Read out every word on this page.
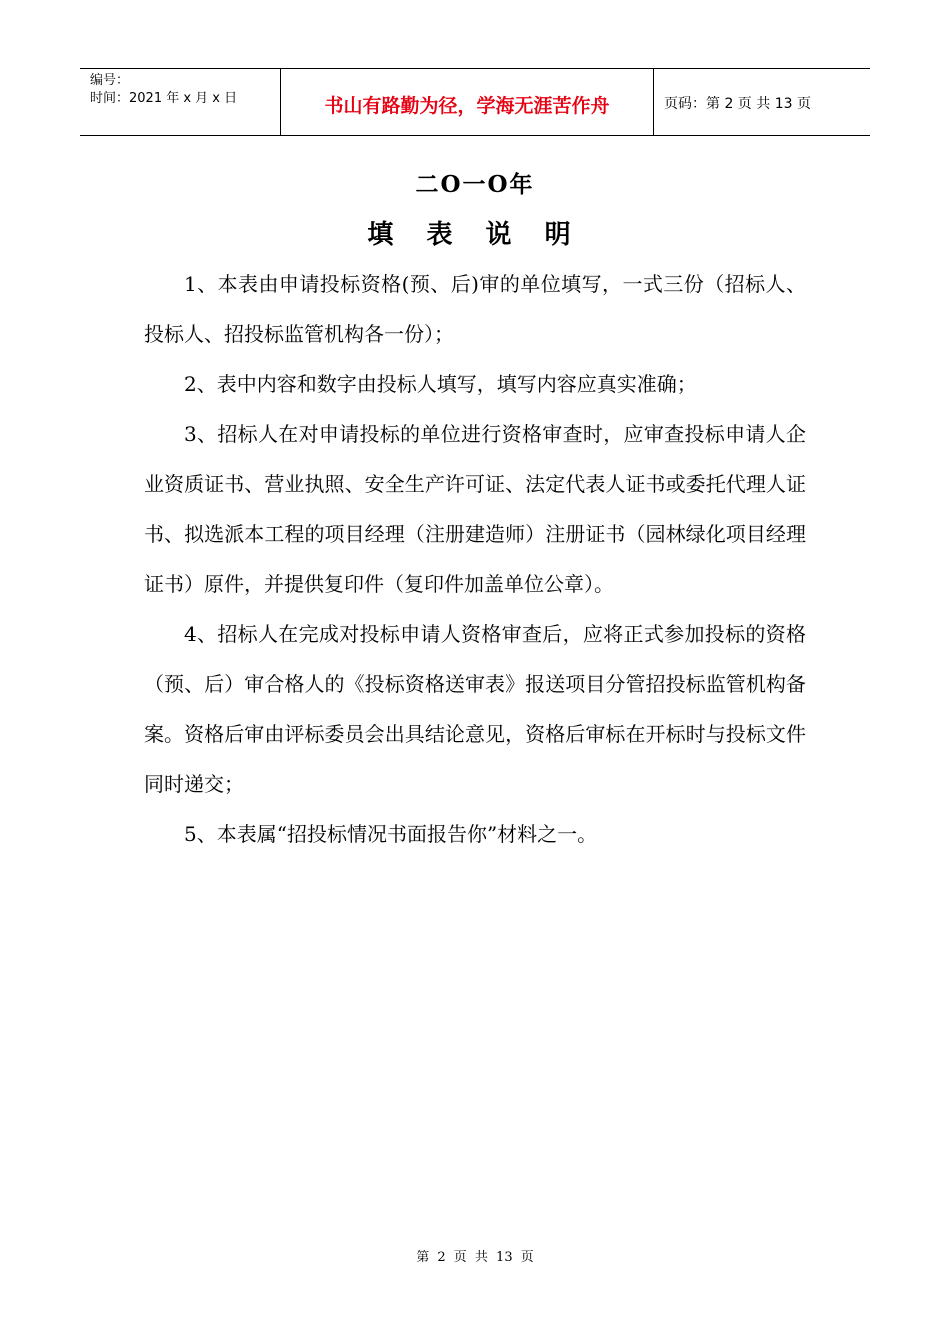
编号：
时间：2021 年 x 月 x 日	书山有路勤为径，学海无涯苦作舟	页码：第 2 页 共 13 页
二O一O年
填 表 说 明

1、本表由申请投标资格(预、后)审的单位填写，一式三份（招标人、投标人、招投标监管机构各一份）；

2、表中内容和数字由投标人填写，填写内容应真实准确；

3、招标人在对申请投标的单位进行资格审查时，应审查投标申请人企业资质证书、营业执照、安全生产许可证、法定代表人证书或委托代理人证书、拟选派本工程的项目经理（注册建造师）注册证书（园林绿化项目经理证书）原件，并提供复印件（复印件加盖单位公章）。

4、招标人在完成对投标申请人资格审查后，应将正式参加投标的资格（预、后）审合格人的《投标资格送审表》报送项目分管招投标监管机构备案。资格后审由评标委员会出具结论意见，资格后审标在开标时与投标文件同时递交；

5、本表属“招投标情况书面报告你”材料之一。

第 2 页 共 13 页
